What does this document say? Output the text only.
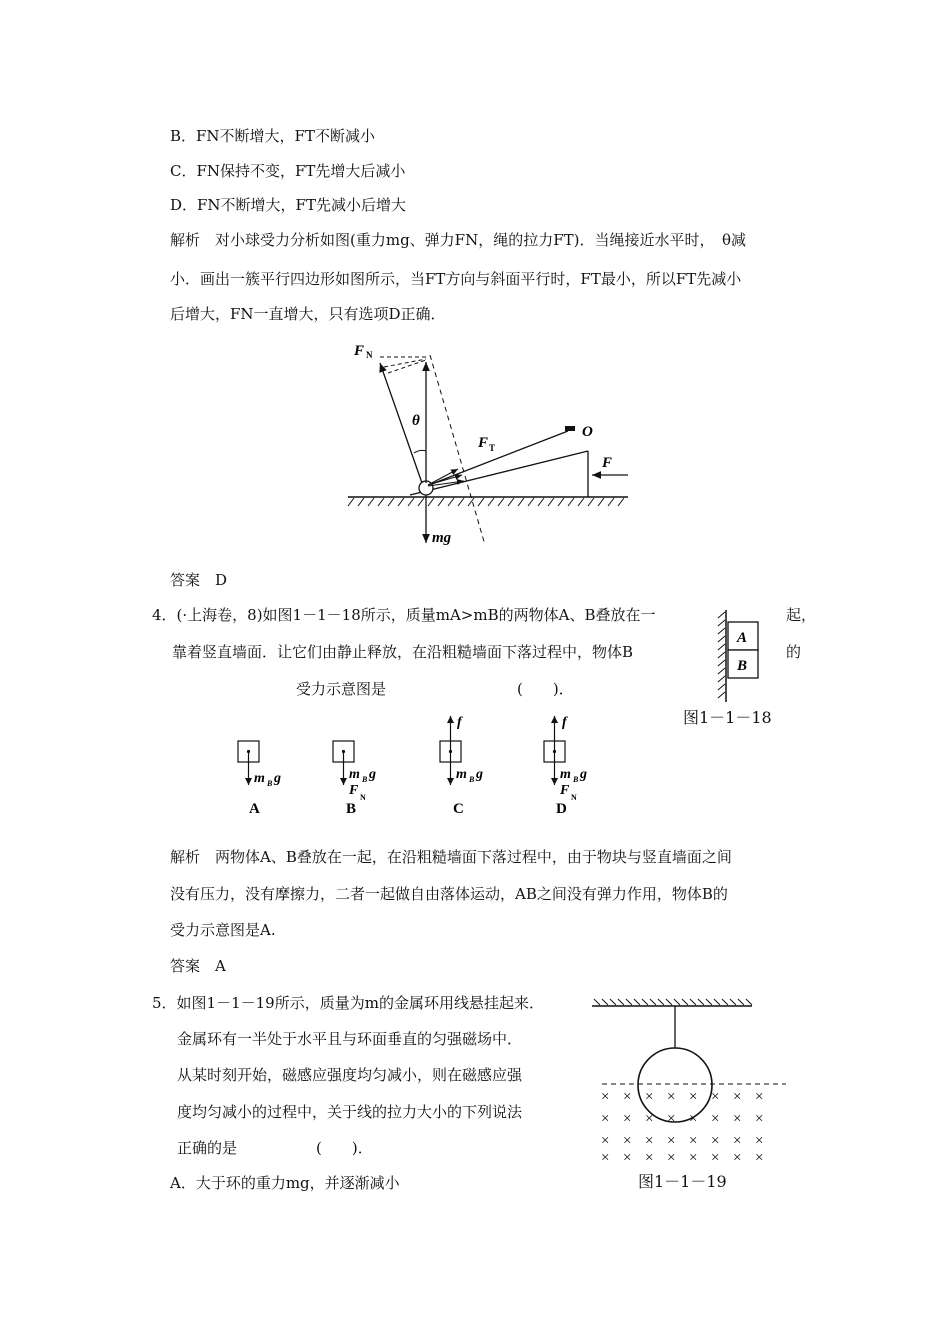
B．FN不断增大，FT不断减小
C．FN保持不变，FT先增大后减小
D．FN不断增大，FT先减小后增大
解析　对小球受力分析如图(重力mg、弹力FN，绳的拉力FT)．当绳接近水平时，　θ减
小．画出一簇平行四边形如图所示，当FT方向与斜面平行时，FT最小，所以FT先减小
后增大，FN一直增大，只有选项D正确．
F N
θ
F T
O
F
mg
答案　D
4．(·上海卷，8)如图1－1－18所示，质量mA>mB的两物体A、B叠放在一	起，
靠着竖直墙面．让它们由静止释放，在沿粗糙墙面下落过程中，物体B	的
受力示意图是	(　　)．
A
B
图1－1－18
m B g
A
m B g
F N
B
f
m B g
C
f
m B g
F N
D
解析　两物体A、B叠放在一起，在沿粗糙墙面下落过程中，由于物块与竖直墙面之间
没有压力，没有摩擦力，二者一起做自由落体运动，AB之间没有弹力作用，物体B的
受力示意图是A.
答案　A
5．如图1－1－19所示，质量为m的金属环用线悬挂起来．
金属环有一半处于水平且与环面垂直的匀强磁场中．
从某时刻开始，磁感应强度均匀减小，则在磁感应强
度均匀减小的过程中，关于线的拉力大小的下列说法
正确的是	(　　)．
A．大于环的重力mg，并逐渐减小
× × × × × × × ×
× × × × × × × ×
× × × × × × × ×
× × × × × × × ×
图1－1－19
